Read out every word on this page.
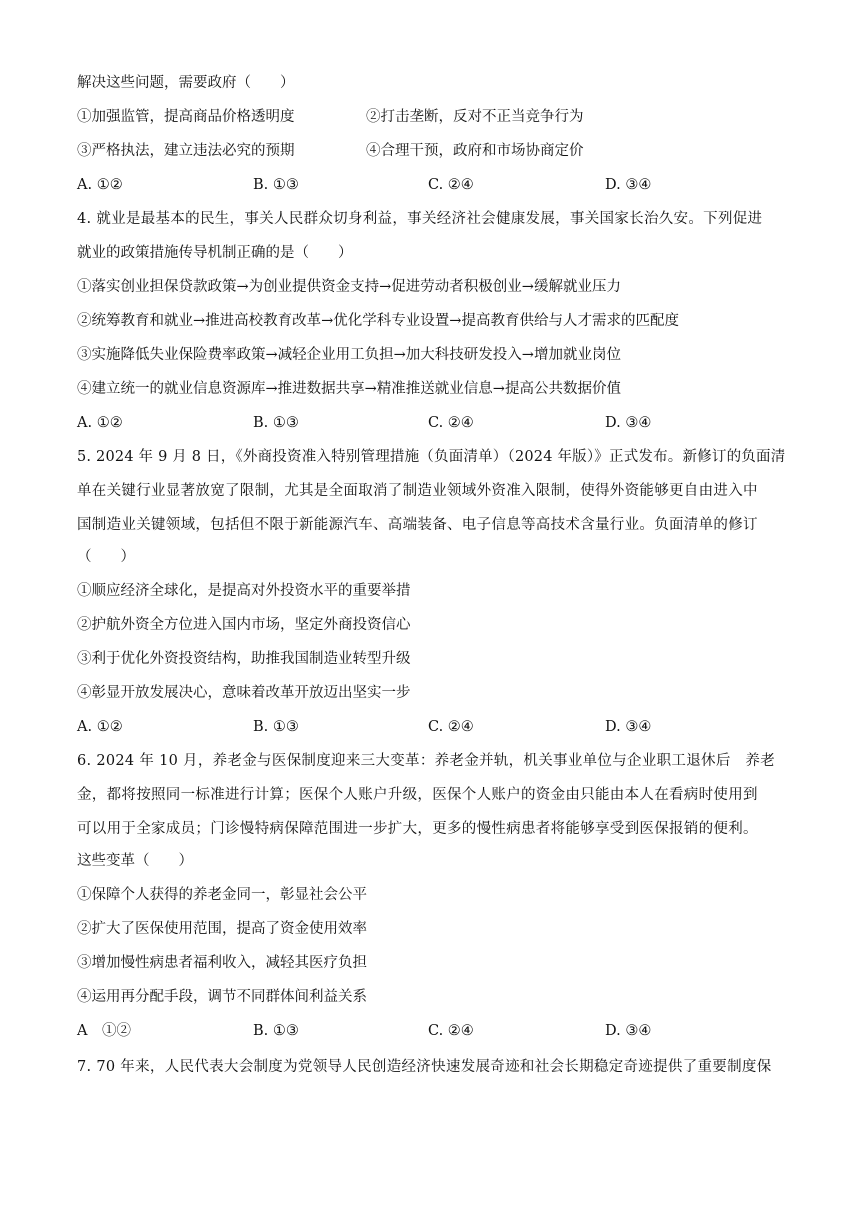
解决这些问题，需要政府（　　）
①加强监管，提高商品价格透明度	②打击垄断，反对不正当竞争行为
③严格执法，建立违法必究的预期	④合理干预，政府和市场协商定价
A. ①②	B. ①③	C. ②④	D. ③④
4. 就业是最基本的民生，事关人民群众切身利益，事关经济社会健康发展，事关国家长治久安。下列促进
就业的政策措施传导机制正确的是（　　）
①落实创业担保贷款政策→为创业提供资金支持→促进劳动者积极创业→缓解就业压力
②统筹教育和就业→推进高校教育改革→优化学科专业设置→提高教育供给与人才需求的匹配度
③实施降低失业保险费率政策→减轻企业用工负担→加大科技研发投入→增加就业岗位
④建立统一的就业信息资源库→推进数据共享→精准推送就业信息→提高公共数据价值
A. ①②	B. ①③	C. ②④	D. ③④
5. 2024 年 9 月 8 日，《外商投资准入特别管理措施（负面清单）（2024 年版）》正式发布。新修订的负面清
单在关键行业显著放宽了限制，尤其是全面取消了制造业领域外资准入限制，使得外资能够更自由进入中
国制造业关键领域，包括但不限于新能源汽车、高端装备、电子信息等高技术含量行业。负面清单的修订
（　　）
①顺应经济全球化，是提高对外投资水平的重要举措
②护航外资全方位进入国内市场，坚定外商投资信心
③利于优化外资投资结构，助推我国制造业转型升级
④彰显开放发展决心，意味着改革开放迈出坚实一步
A. ①②	B. ①③	C. ②④	D. ③④
6. 2024 年 10 月，养老金与医保制度迎来三大变革：养老金并轨，机关事业单位与企业职工退休后　养老
金，都将按照同一标准进行计算；医保个人账户升级，医保个人账户的资金由只能由本人在看病时使用到
可以用于全家成员；门诊慢特病保障范围进一步扩大，更多的慢性病患者将能够享受到医保报销的便利。
这些变革（　　）
①保障个人获得的养老金同一，彰显社会公平
②扩大了医保使用范围，提高了资金使用效率
③增加慢性病患者福利收入，减轻其医疗负担
④运用再分配手段，调节不同群体间利益关系
A　①②	B. ①③	C. ②④	D. ③④
7. 70 年来，人民代表大会制度为党领导人民创造经济快速发展奇迹和社会长期稳定奇迹提供了重要制度保
